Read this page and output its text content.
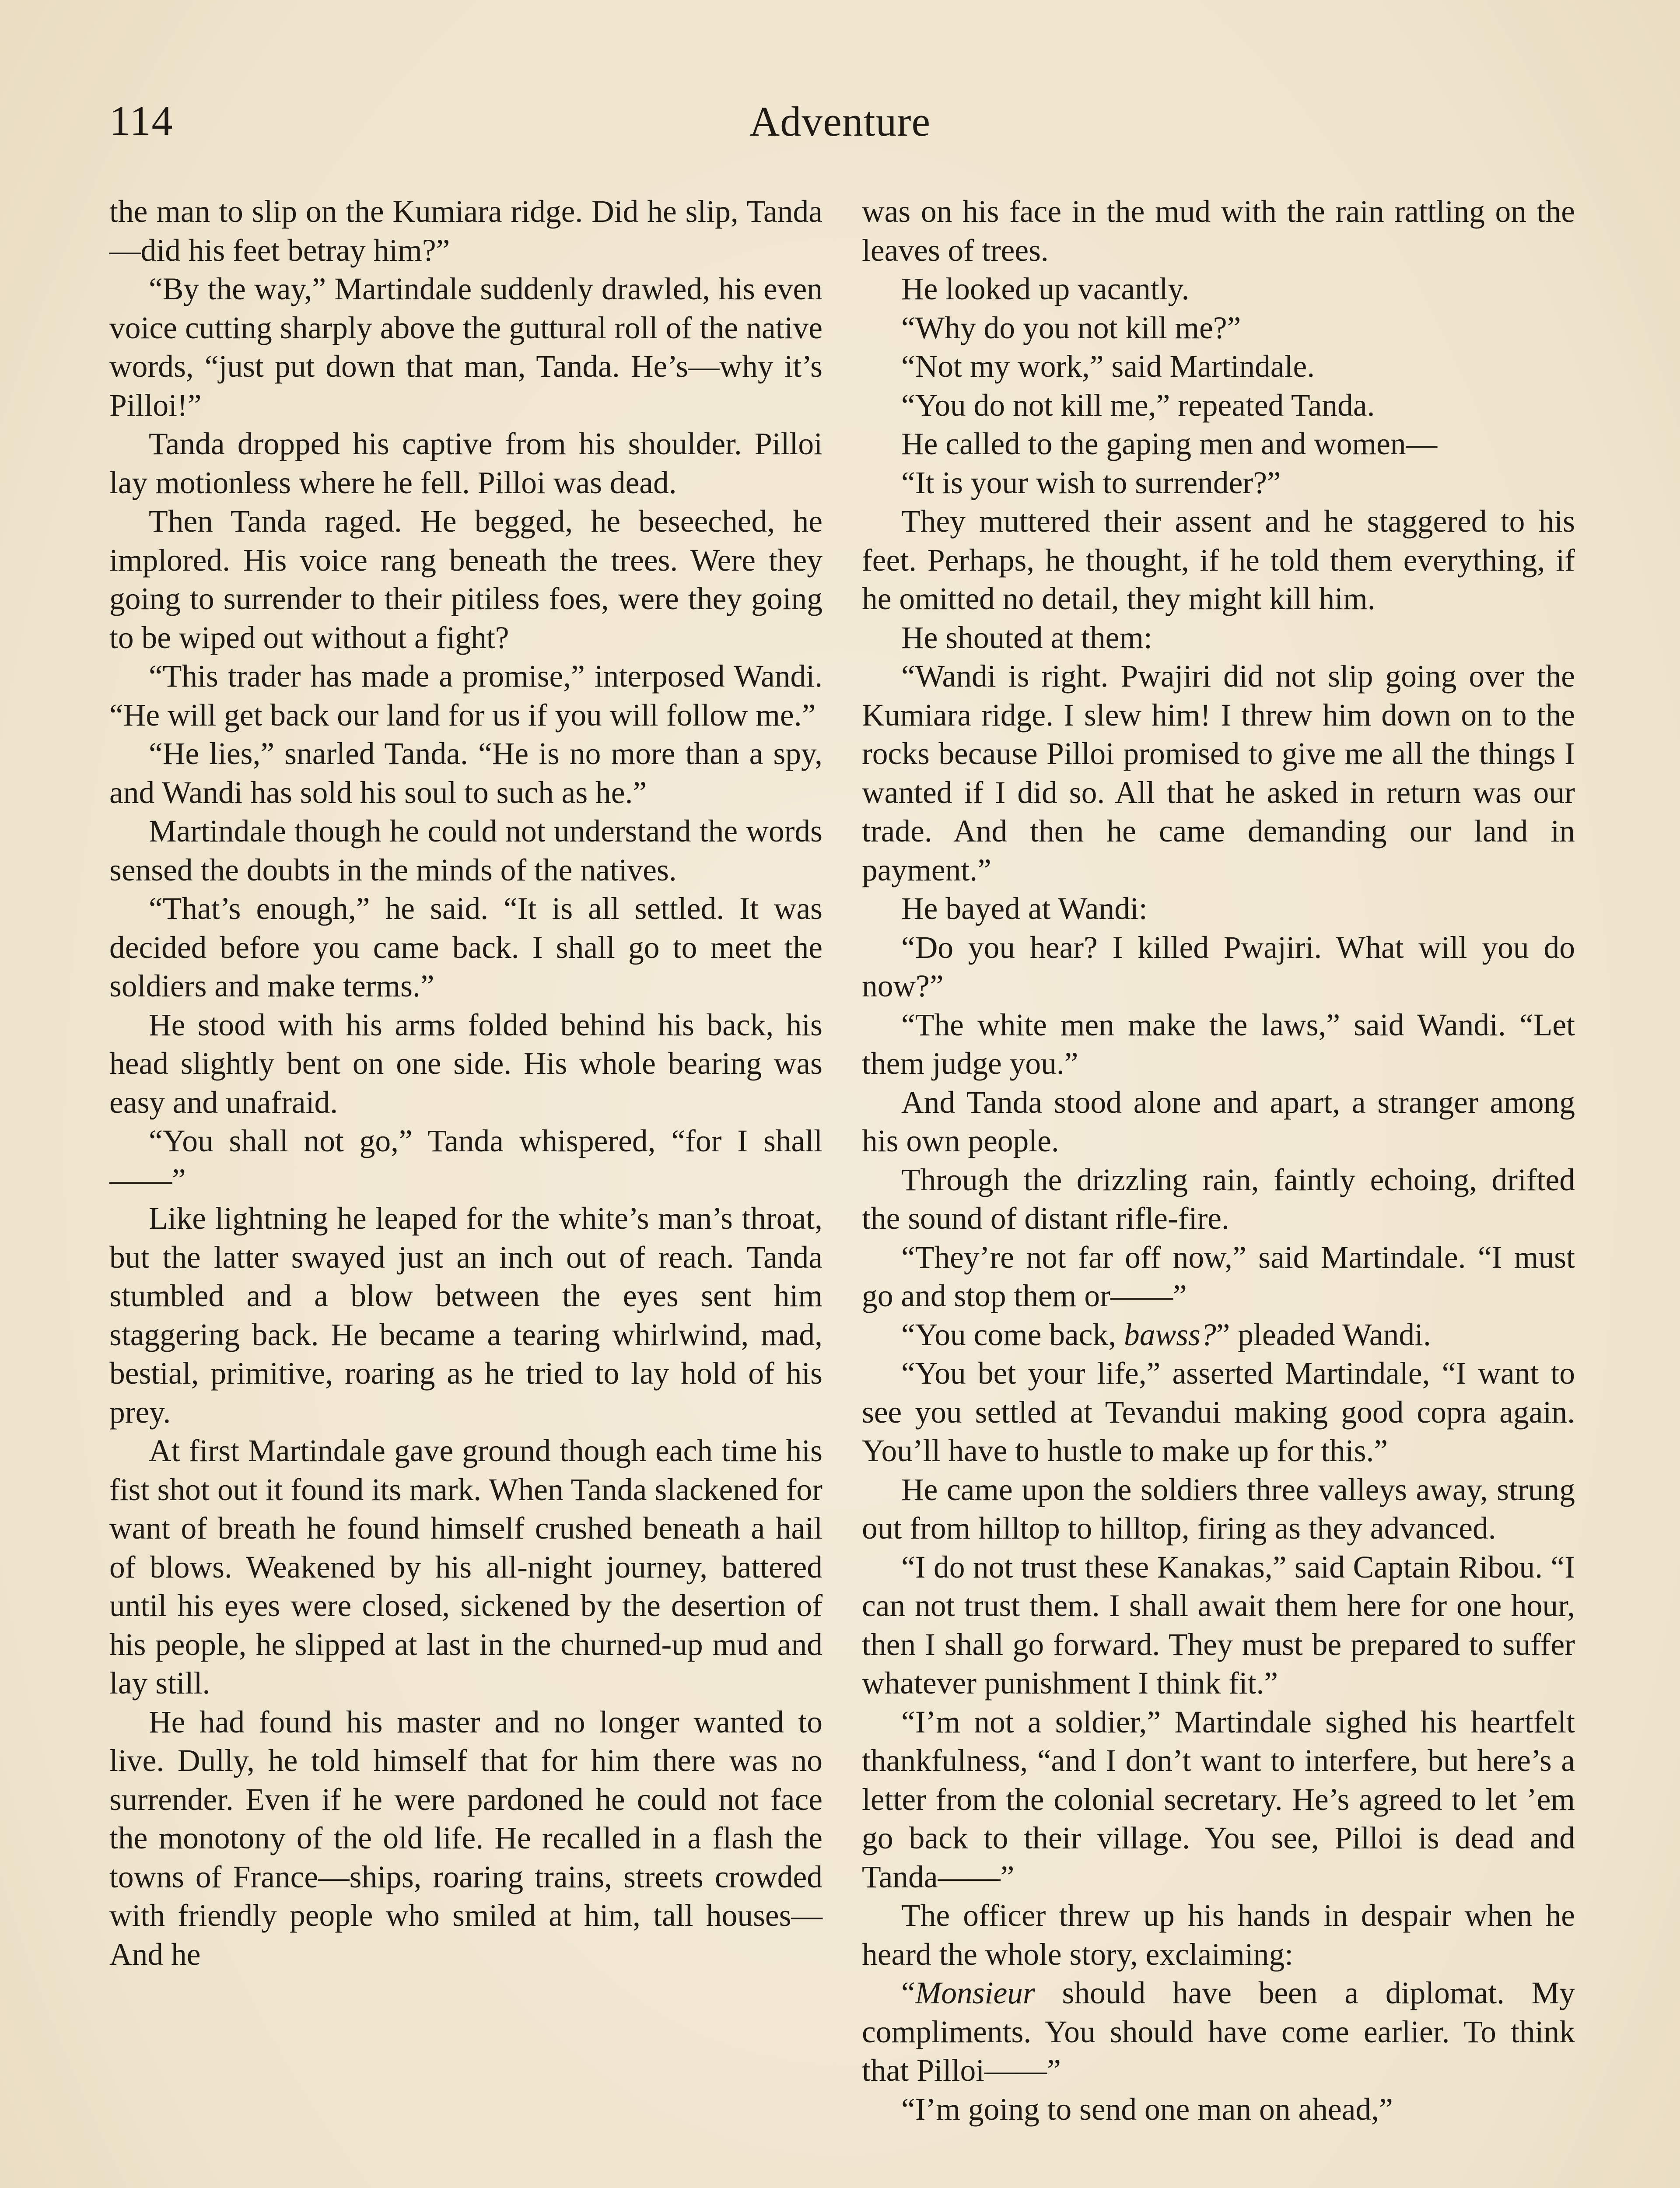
114	Adventure

the man to slip on the Kumiara ridge. Did he slip, Tanda—did his feet betray him?”

“By the way,” Martindale suddenly drawled, his even voice cutting sharply above the guttural roll of the native words, “just put down that man, Tanda. He’s—why it’s Pilloi!”

Tanda dropped his captive from his shoulder. Pilloi lay motionless where he fell. Pilloi was dead.

Then Tanda raged. He begged, he beseeched, he implored. His voice rang beneath the trees. Were they going to surrender to their pitiless foes, were they going to be wiped out without a fight?

“This trader has made a promise,” interposed Wandi. “He will get back our land for us if you will follow me.”

“He lies,” snarled Tanda. “He is no more than a spy, and Wandi has sold his soul to such as he.”

Martindale though he could not understand the words sensed the doubts in the minds of the natives.

“That’s enough,” he said. “It is all settled. It was decided before you came back. I shall go to meet the soldiers and make terms.”

He stood with his arms folded behind his back, his head slightly bent on one side. His whole bearing was easy and unafraid.

“You shall not go,” Tanda whispered, “for I shall——”

Like lightning he leaped for the white’s man’s throat, but the latter swayed just an inch out of reach. Tanda stumbled and a blow between the eyes sent him staggering back. He became a tearing whirlwind, mad, bestial, primitive, roaring as he tried to lay hold of his prey.

At first Martindale gave ground though each time his fist shot out it found its mark. When Tanda slackened for want of breath he found himself crushed beneath a hail of blows. Weakened by his all-night journey, battered until his eyes were closed, sickened by the desertion of his people, he slipped at last in the churned-up mud and lay still.

He had found his master and no longer wanted to live. Dully, he told himself that for him there was no surrender. Even if he were pardoned he could not face the monotony of the old life. He recalled in a flash the towns of France—ships, roaring trains, streets crowded with friendly people who smiled at him, tall houses— And he

was on his face in the mud with the rain rattling on the leaves of trees.

He looked up vacantly.

“Why do you not kill me?”

“Not my work,” said Martindale.

“You do not kill me,” repeated Tanda.

He called to the gaping men and women—

“It is your wish to surrender?”

They muttered their assent and he staggered to his feet. Perhaps, he thought, if he told them everything, if he omitted no detail, they might kill him.

He shouted at them:

“Wandi is right. Pwajiri did not slip going over the Kumiara ridge. I slew him! I threw him down on to the rocks because Pilloi promised to give me all the things I wanted if I did so. All that he asked in return was our trade. And then he came demanding our land in payment.”

He bayed at Wandi:

“Do you hear? I killed Pwajiri. What will you do now?”

“The white men make the laws,” said Wandi. “Let them judge you.”

And Tanda stood alone and apart, a stranger among his own people.

Through the drizzling rain, faintly echoing, drifted the sound of distant rifle-fire.

“They’re not far off now,” said Martindale. “I must go and stop them or——”

“You come back, bawss?” pleaded Wandi.

“You bet your life,” asserted Martindale, “I want to see you settled at Tevandui making good copra again. You’ll have to hustle to make up for this.”

He came upon the soldiers three valleys away, strung out from hilltop to hilltop, firing as they advanced.

“I do not trust these Kanakas,” said Captain Ribou. “I can not trust them. I shall await them here for one hour, then I shall go forward. They must be prepared to suffer whatever punishment I think fit.”

“I’m not a soldier,” Martindale sighed his heartfelt thankfulness, “and I don’t want to interfere, but here’s a letter from the colonial secretary. He’s agreed to let ’em go back to their village. You see, Pilloi is dead and Tanda——”

The officer threw up his hands in despair when he heard the whole story, exclaiming:

“Monsieur should have been a diplomat. My compliments. You should have come earlier. To think that Pilloi——”

“I’m going to send one man on ahead,”
